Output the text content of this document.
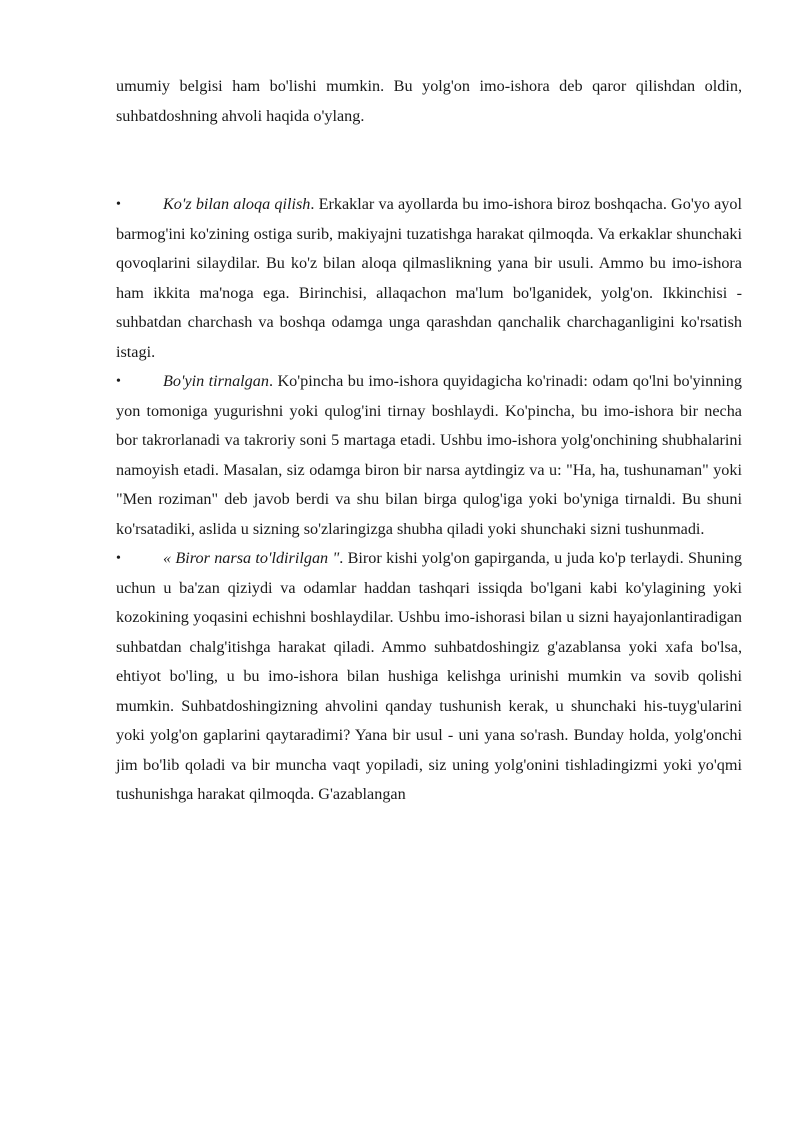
umumiy belgisi ham bo'lishi mumkin. Bu yolg'on imo-ishora deb qaror qilishdan oldin, suhbatdoshning ahvoli haqida o'ylang.

•	Ko'z bilan aloqa qilish. Erkaklar va ayollarda bu imo-ishora biroz boshqacha. Go'yo ayol barmog'ini ko'zining ostiga surib, makiyajni tuzatishga harakat qilmoqda. Va erkaklar shunchaki qovoqlarini silaydilar. Bu ko'z bilan aloqa qilmaslikning yana bir usuli. Ammo bu imo-ishora ham ikkita ma'noga ega. Birinchisi, allaqachon ma'lum bo'lganidek, yolg'on. Ikkinchisi - suhbatdan charchash va boshqa odamga unga qarashdan qanchalik charchaganligini ko'rsatish istagi.

•	Bo'yin tirnalgan. Ko'pincha bu imo-ishora quyidagicha ko'rinadi: odam qo'lni bo'yinning yon tomoniga yugurishni yoki qulog'ini tirnay boshlaydi. Ko'pincha, bu imo-ishora bir necha bor takrorlanadi va takroriy soni 5 martaga etadi. Ushbu imo-ishora yolg'onchining shubhalarini namoyish etadi. Masalan, siz odamga biron bir narsa aytdingiz va u: "Ha, ha, tushunaman" yoki "Men roziman" deb javob berdi va shu bilan birga qulog'iga yoki bo'yniga tirnaldi. Bu shuni ko'rsatadiki, aslida u sizning so'zlaringizga shubha qiladi yoki shunchaki sizni tushunmadi.

•	« Biror narsa to'ldirilgan ". Biror kishi yolg'on gapirganda, u juda ko'p terlaydi. Shuning uchun u ba'zan qiziydi va odamlar haddan tashqari issiqda bo'lgani kabi ko'ylagining yoki kozokining yoqasini echishni boshlaydilar. Ushbu imo-ishorasi bilan u sizni hayajonlantiradigan suhbatdan chalg'itishga harakat qiladi. Ammo suhbatdoshingiz g'azablansa yoki xafa bo'lsa, ehtiyot bo'ling, u bu imo-ishora bilan hushiga kelishga urinishi mumkin va sovib qolishi mumkin. Suhbatdoshingizning ahvolini qanday tushunish kerak, u shunchaki his-tuyg'ularini yoki yolg'on gaplarini qaytaradimi? Yana bir usul - uni yana so'rash. Bunday holda, yolg'onchi jim bo'lib qoladi va bir muncha vaqt yopiladi, siz uning yolg'onini tishladingizmi yoki yo'qmi tushunishga harakat qilmoqda. G'azablangan
